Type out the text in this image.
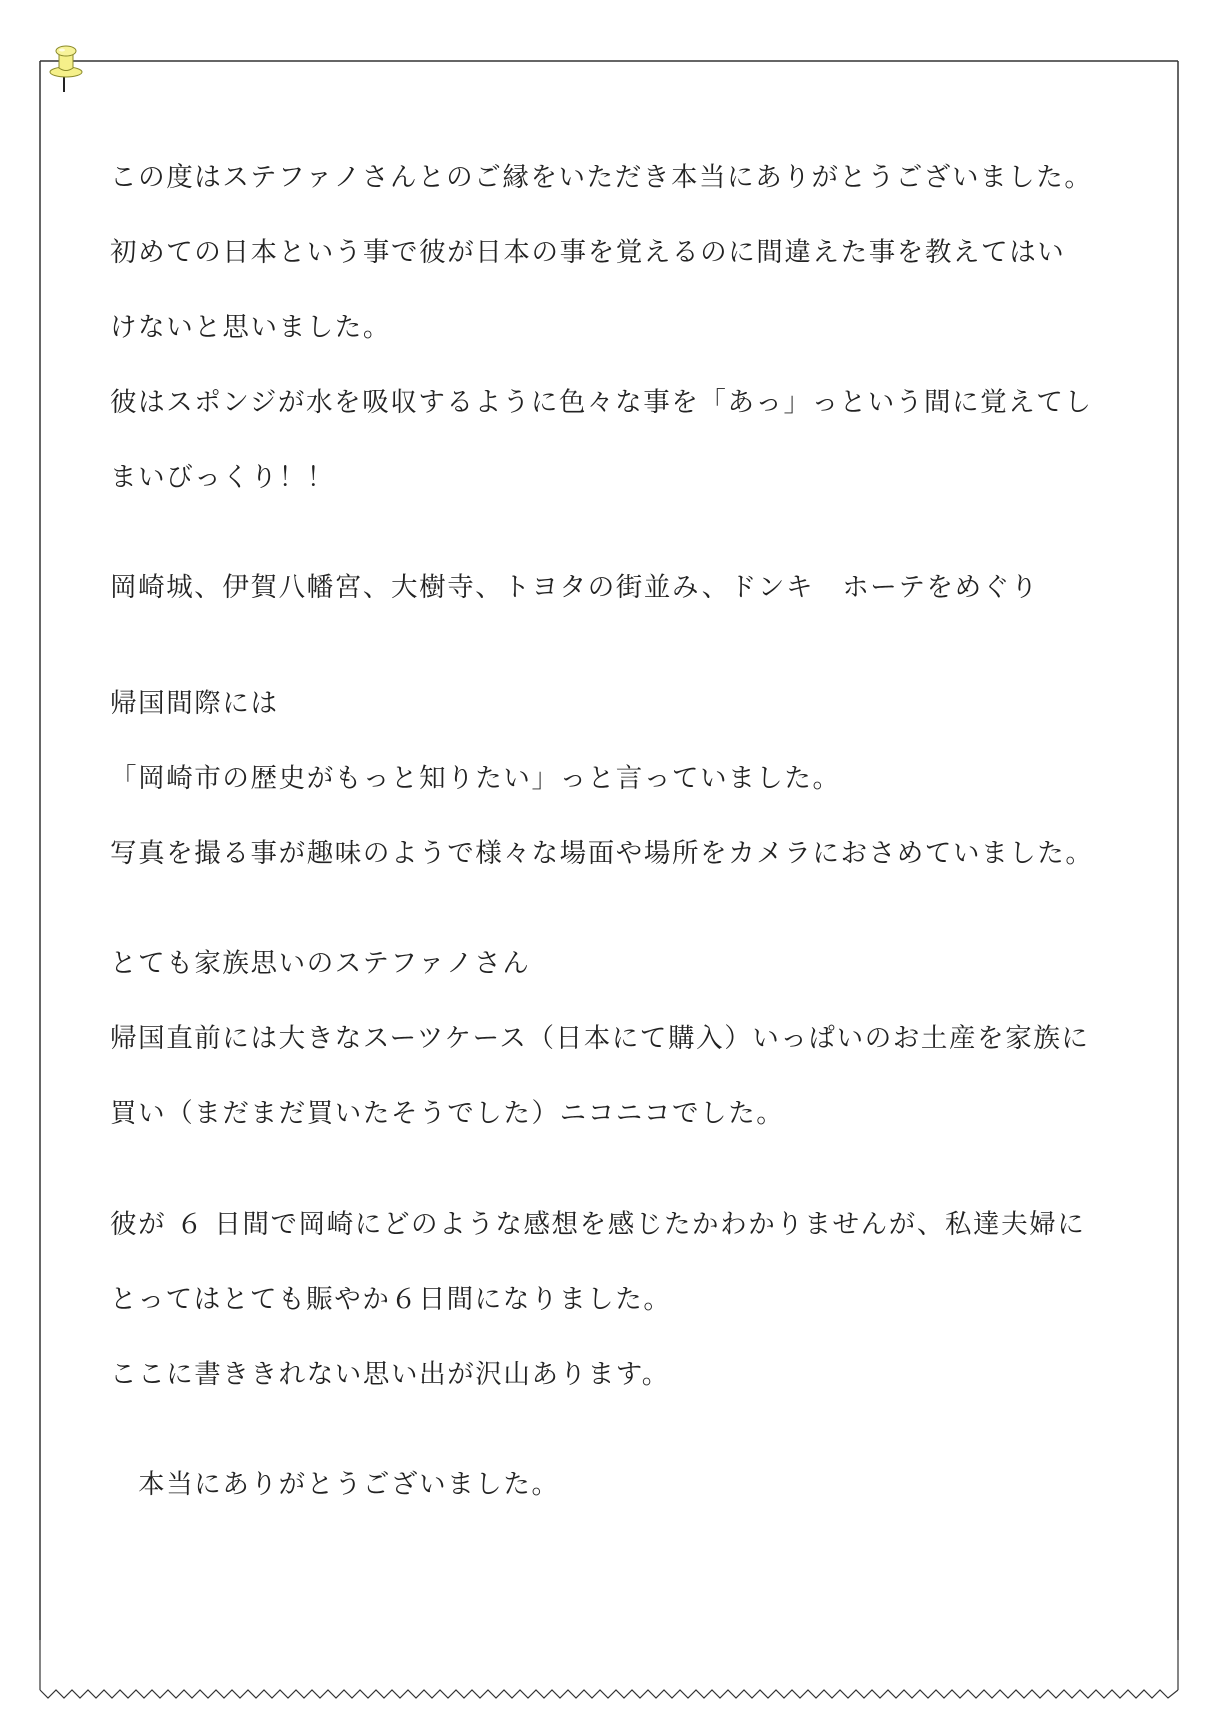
この度はステファノさんとのご縁をいただき本当にありがとうございました。
初めての日本という事で彼が日本の事を覚えるのに間違えた事を教えてはい
けないと思いました。
彼はスポンジが水を吸収するように色々な事を「あっ」っという間に覚えてし
まいびっくり！！
岡崎城、伊賀八幡宮、大樹寺、トヨタの街並み、ドンキ　ホーテをめぐり
帰国間際には
「岡崎市の歴史がもっと知りたい」っと言っていました。
写真を撮る事が趣味のようで様々な場面や場所をカメラにおさめていました。
とても家族思いのステファノさん
帰国直前には大きなスーツケース（日本にて購入）いっぱいのお土産を家族に
買い（まだまだ買いたそうでした）ニコニコでした。
彼が ６ 日間で岡崎にどのような感想を感じたかわかりませんが、私達夫婦に
とってはとても賑やか６日間になりました。
ここに書ききれない思い出が沢山あります。
　本当にありがとうございました。
